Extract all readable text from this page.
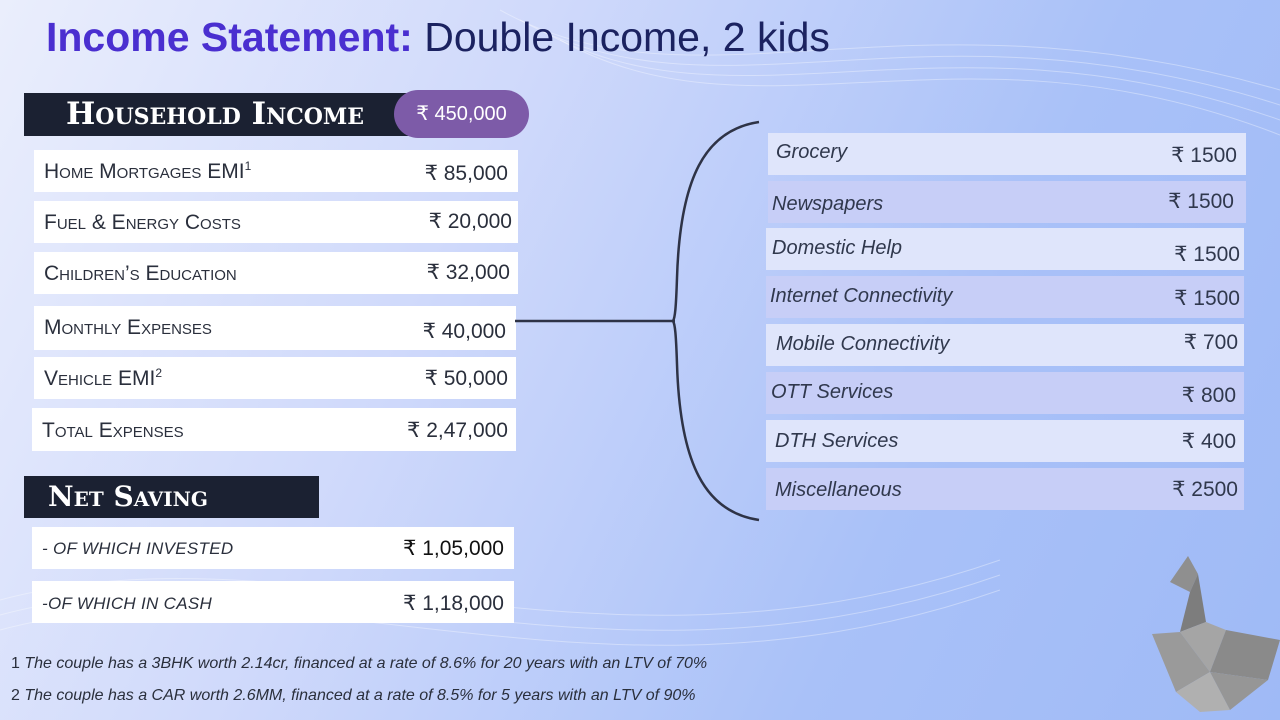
Income Statement: Double Income, 2 kids
Household Income	₹ 450,000
Home Mortgages EMI$^1$	₹ 85,000
Fuel & Energy Costs	₹ 20,000
Children’s Education	₹ 32,000
Monthly Expenses	₹ 40,000
Vehicle EMI$^2$	₹ 50,000
Total Expenses	₹ 2,47,000
Net Saving
- OF WHICH INVESTED	₹ 1,05,000
-OF WHICH IN CASH	₹ 1,18,000
Grocery	₹ 1500
Newspapers	₹ 1500
Domestic Help	₹ 1500
Internet Connectivity	₹ 1500
Mobile Connectivity	₹ 700
OTT Services	₹ 800
DTH Services	₹ 400
Miscellaneous	₹ 2500
1 The couple has a 3BHK worth 2.14cr, financed at a rate of 8.6% for 20 years with an LTV of 70%
2 The couple has a CAR worth 2.6MM, financed at a rate of 8.5% for 5 years with an LTV of 90%
